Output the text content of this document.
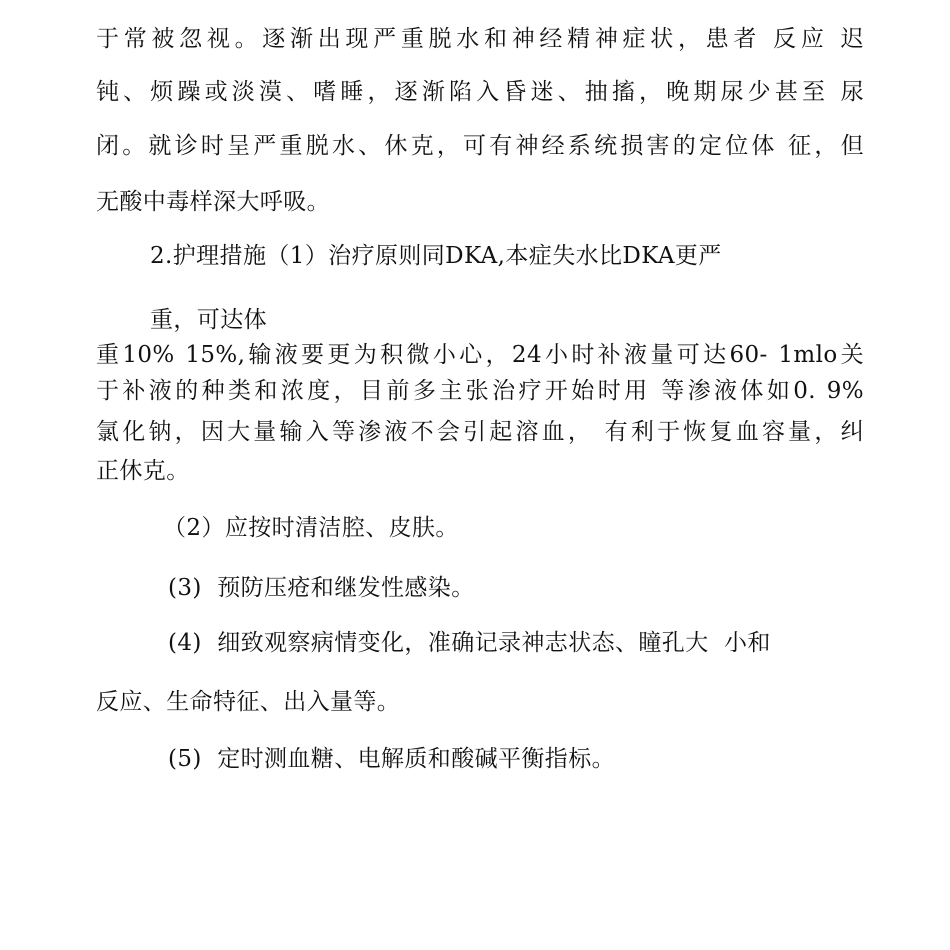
于常被忽视。逐渐出现严重脱水和神经精神症状，患者 反应 迟
钝、烦躁或淡漠、嗜睡，逐渐陷入昏迷、抽搐，晚期尿少甚至 尿
闭。就诊时呈严重脱水、休克，可有神经系统损害的定位体 征，但
无酸中毒样深大呼吸。
2.护理措施（1）治疗原则同DKA,本症失水比DKA更严
重，可达体
重10% 15%,输液要更为积微小心，24小时补液量可达60- 1mlo关
于补液的种类和浓度，目前多主张治疗开始时用 等渗液体如0. 9%
氯化钠，因大量输入等渗液不会引起溶血， 有利于恢复血容量，纠
正休克。
（2）应按时清洁腔、皮肤。
(3)  预防压疮和继发性感染。
(4)  细致观察病情变化，准确记录神志状态、瞳孔大  小和
反应、生命特征、出入量等。
(5)  定时测血糖、电解质和酸碱平衡指标。
